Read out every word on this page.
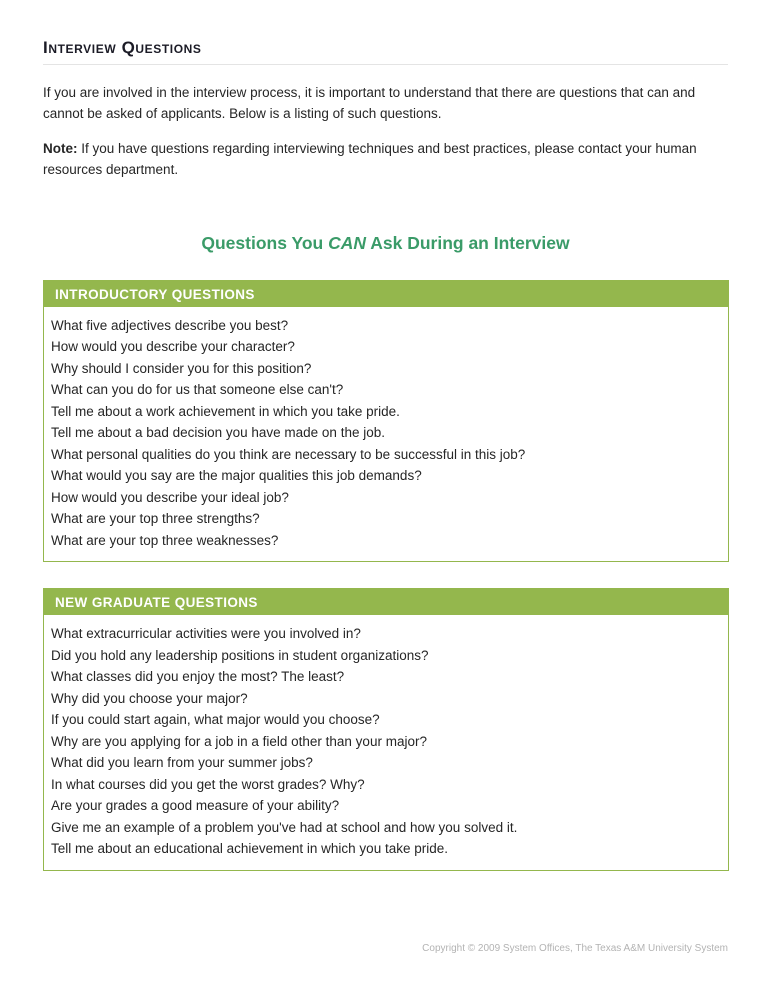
Interview Questions

If you are involved in the interview process, it is important to understand that there are questions that can and cannot be asked of applicants. Below is a listing of such questions.

Note: If you have questions regarding interviewing techniques and best practices, please contact your human resources department.

Questions You CAN Ask During an Interview
INTRODUCTORY QUESTIONS
What five adjectives describe you best?
How would you describe your character?
Why should I consider you for this position?
What can you do for us that someone else can't?
Tell me about a work achievement in which you take pride.
Tell me about a bad decision you have made on the job.
What personal qualities do you think are necessary to be successful in this job?
What would you say are the major qualities this job demands?
How would you describe your ideal job?
What are your top three strengths?
What are your top three weaknesses?
NEW GRADUATE QUESTIONS
What extracurricular activities were you involved in?
Did you hold any leadership positions in student organizations?
What classes did you enjoy the most? The least?
Why did you choose your major?
If you could start again, what major would you choose?
Why are you applying for a job in a field other than your major?
What did you learn from your summer jobs?
In what courses did you get the worst grades? Why?
Are your grades a good measure of your ability?
Give me an example of a problem you've had at school and how you solved it.
Tell me about an educational achievement in which you take pride.
Copyright © 2009 System Offices, The Texas A&M University System
